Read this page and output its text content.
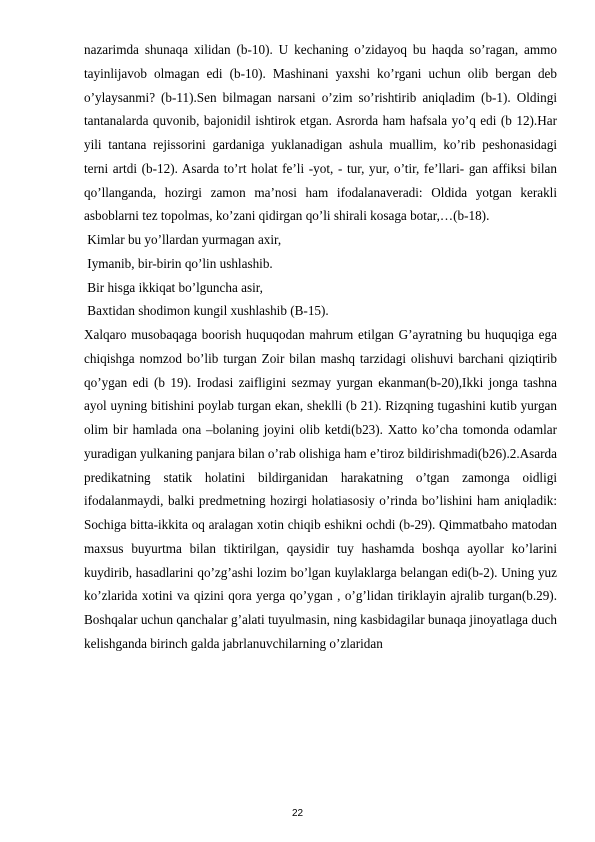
nazarimda shunaqa xilidan (b-10). U kechaning o’zidayoq bu haqda so’ragan, ammo tayinlijavob olmagan edi (b-10). Mashinani yaxshi ko’rgani uchun olib bergan deb o’ylaysanmi? (b-11).Sen bilmagan narsani o’zim so’rishtirib aniqladim (b-1). Oldingi tantanalarda quvonib, bajonidil ishtirok etgan. Asrorda ham hafsala yo’q edi (b 12).Har yili tantana rejissorini gardaniga yuklanadigan ashula muallim, ko’rib peshonasidagi terni artdi (b-12). Asarda to’rt holat fe’li -yot, - tur, yur, o’tir, fe’llari- gan affiksi bilan qo’llanganda, hozirgi zamon ma’nosi ham ifodalanaveradi: Oldida yotgan kerakli asboblarni tez topolmas, ko’zani qidirgan qo’li shirali kosaga botar,…(b-18).

Kimlar bu yo’llardan yurmagan axir,

Iymanib, bir-birin qo’lin ushlashib.

Bir hisga ikkiqat bo’lguncha asir,

Baxtidan shodimon kungil xushlashib (B-15).

Xalqaro musobaqaga boorish huquqodan mahrum etilgan G’ayratning bu huquqiga ega chiqishga nomzod bo’lib turgan Zoir bilan mashq tarzidagi olishuvi barchani qiziqtirib qo’ygan edi (b 19). Irodasi zaifligini sezmay yurgan ekanman(b-20),Ikki jonga tashna ayol uyning bitishini poylab turgan ekan, sheklli (b 21). Rizqning tugashini kutib yurgan olim bir hamlada ona –bolaning joyini olib ketdi(b23). Xatto ko’cha tomonda odamlar yuradigan yulkaning panjara bilan o’rab olishiga ham e’tiroz bildirishmadi(b26).2.Asarda predikatning statik holatini bildirganidan harakatning o’tgan zamonga oidligi ifodalanmaydi, balki predmetning hozirgi holatiasosiy o’rinda bo’lishini ham aniqladik: Sochiga bitta-ikkita oq aralagan xotin chiqib eshikni ochdi (b-29). Qimmatbaho matodan maxsus buyurtma bilan tiktirilgan, qaysidir tuy hashamda boshqa ayollar ko’larini kuydirib, hasadlarini qo’zg’ashi lozim bo’lgan kuylaklarga belangan edi(b-2). Uning yuz ko’zlarida xotini va qizini qora yerga qo’ygan , o’g’lidan tiriklayin ajralib turgan(b.29). Boshqalar uchun qanchalar g’alati tuyulmasin, ning kasbidagilar bunaqa jinoyatlaga duch kelishganda birinch galda jabrlanuvchilarning o’zlaridan

22
